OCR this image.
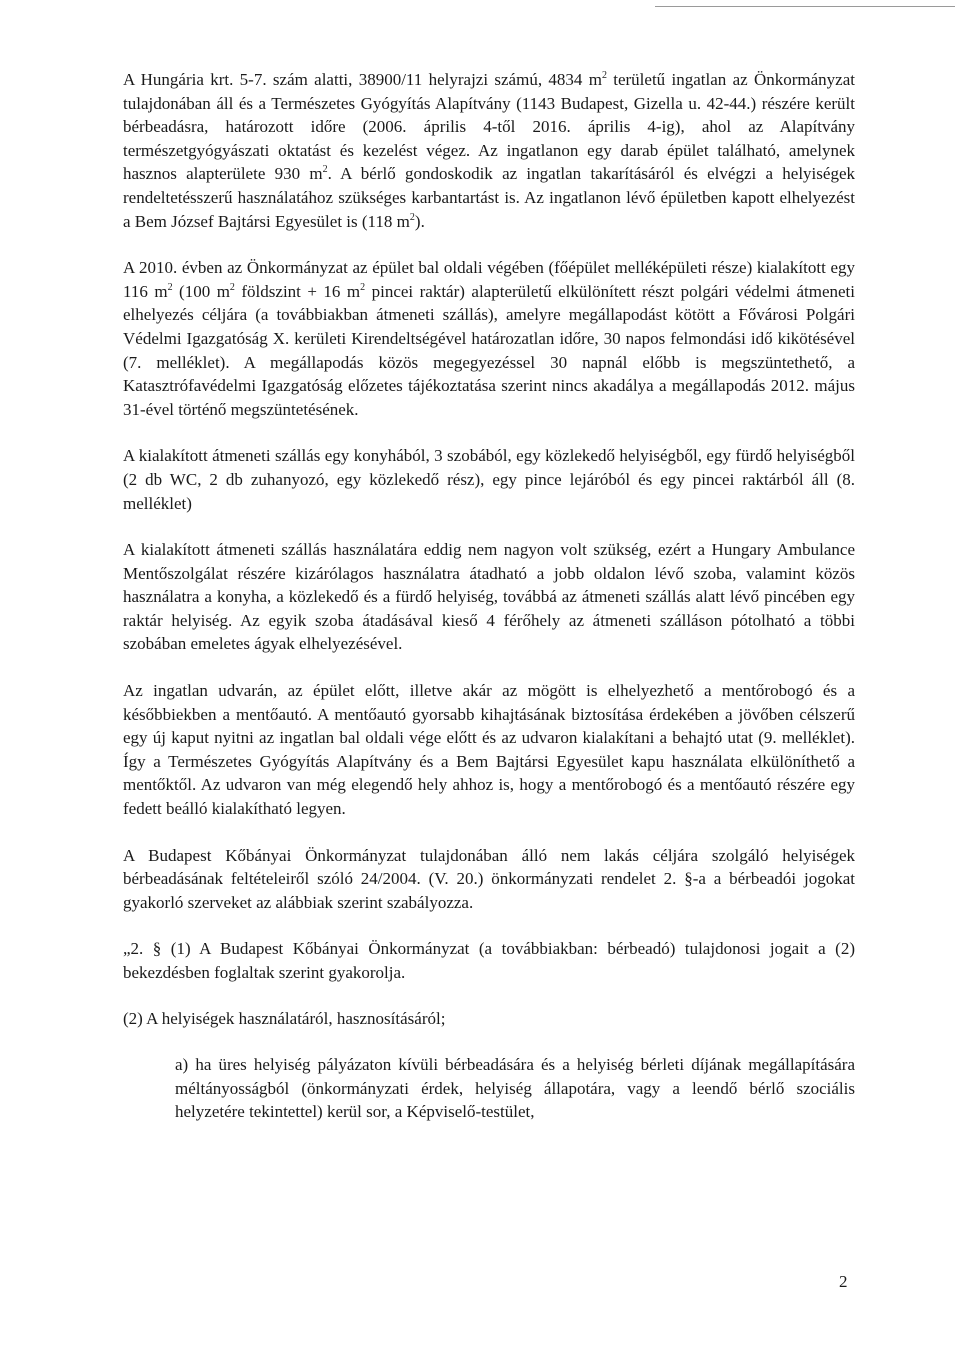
A Hungária krt. 5-7. szám alatti, 38900/11 helyrajzi számú, 4834 $m^2$ területű ingatlan az Önkormányzat tulajdonában áll és a Természetes Gyógyítás Alapítvány (1143 Budapest, Gizella u. 42-44.) részére került bérbeadásra, határozott időre (2006. április 4-től 2016. április 4-ig), ahol az Alapítvány természetgyógyászati oktatást és kezelést végez. Az ingatlanon egy darab épület található, amelynek hasznos alapterülete 930 $m^2$. A bérlő gondoskodik az ingatlan takarításáról és elvégzi a helyiségek rendeltetésszerű használatához szükséges karbantartást is. Az ingatlanon lévő épületben kapott elhelyezést a Bem József Bajtársi Egyesület is (118 $m^2$).

A 2010. évben az Önkormányzat az épület bal oldali végében (főépület melléképületi része) kialakított egy 116 $m^2$ (100 $m^2$ földszint + 16 $m^2$ pincei raktár) alapterületű elkülönített részt polgári védelmi átmeneti elhelyezés céljára (a továbbiakban átmeneti szállás), amelyre megállapodást kötött a Fővárosi Polgári Védelmi Igazgatóság X. kerületi Kirendeltségével határozatlan időre, 30 napos felmondási idő kikötésével (7. melléklet). A megállapodás közös megegyezéssel 30 napnál előbb is megszüntethető, a Katasztrófavédelmi Igazgatóság előzetes tájékoztatása szerint nincs akadálya a megállapodás 2012. május 31-ével történő megszüntetésének.

A kialakított átmeneti szállás egy konyhából, 3 szobából, egy közlekedő helyiségből, egy fürdő helyiségből (2 db WC, 2 db zuhanyozó, egy közlekedő rész), egy pince lejáróból és egy pincei raktárból áll (8. melléklet)

A kialakított átmeneti szállás használatára eddig nem nagyon volt szükség, ezért a Hungary Ambulance Mentőszolgálat részére kizárólagos használatra átadható a jobb oldalon lévő szoba, valamint közös használatra a konyha, a közlekedő és a fürdő helyiség, továbbá az átmeneti szállás alatt lévő pincében egy raktár helyiség. Az egyik szoba átadásával kieső 4 férőhely az átmeneti szálláson pótolható a többi szobában emeletes ágyak elhelyezésével.

Az ingatlan udvarán, az épület előtt, illetve akár az mögött is elhelyezhető a mentőrobogó és a későbbiekben a mentőautó. A mentőautó gyorsabb kihajtásának biztosítása érdekében a jövőben célszerű egy új kaput nyitni az ingatlan bal oldali vége előtt és az udvaron kialakítani a behajtó utat (9. melléklet). Így a Természetes Gyógyítás Alapítvány és a Bem Bajtársi Egyesület kapu használata elkülöníthető a mentőktől. Az udvaron van még elegendő hely ahhoz is, hogy a mentőrobogó és a mentőautó részére egy fedett beálló kialakítható legyen.

A Budapest Kőbányai Önkormányzat tulajdonában álló nem lakás céljára szolgáló helyiségek bérbeadásának feltételeiről szóló 24/2004. (V. 20.) önkormányzati rendelet 2. §-a a bérbeadói jogokat gyakorló szerveket az alábbiak szerint szabályozza.

„2. § (1) A Budapest Kőbányai Önkormányzat (a továbbiakban: bérbeadó) tulajdonosi jogait a (2) bekezdésben foglaltak szerint gyakorolja.

(2) A helyiségek használatáról, hasznosításáról;

a) ha üres helyiség pályázaton kívüli bérbeadására és a helyiség bérleti díjának megállapítására méltányosságból (önkormányzati érdek, helyiség állapotára, vagy a leendő bérlő szociális helyzetére tekintettel) kerül sor, a Képviselő-testület,

2
